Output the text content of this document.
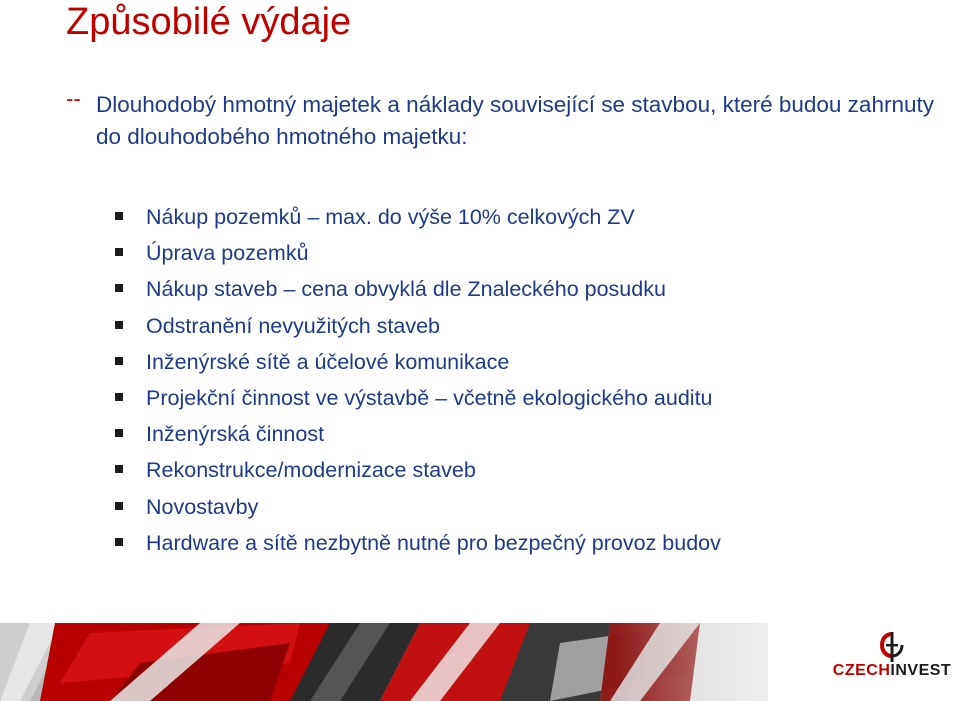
Způsobilé výdaje
-- Dlouhodobý hmotný majetek a náklady související se stavbou, které budou zahrnuty do dlouhodobého hmotného majetku:
Nákup pozemků – max. do výše 10% celkových ZV
Úprava pozemků
Nákup staveb – cena obvyklá dle Znaleckého posudku
Odstranění nevyužitých staveb
Inženýrské sítě a účelové komunikace
Projekční činnost ve výstavbě – včetně ekologického auditu
Inženýrská činnost
Rekonstrukce/modernizace staveb
Novostavby
Hardware a sítě nezbytně nutné pro bezpečný provoz budov
CZECHINVEST
